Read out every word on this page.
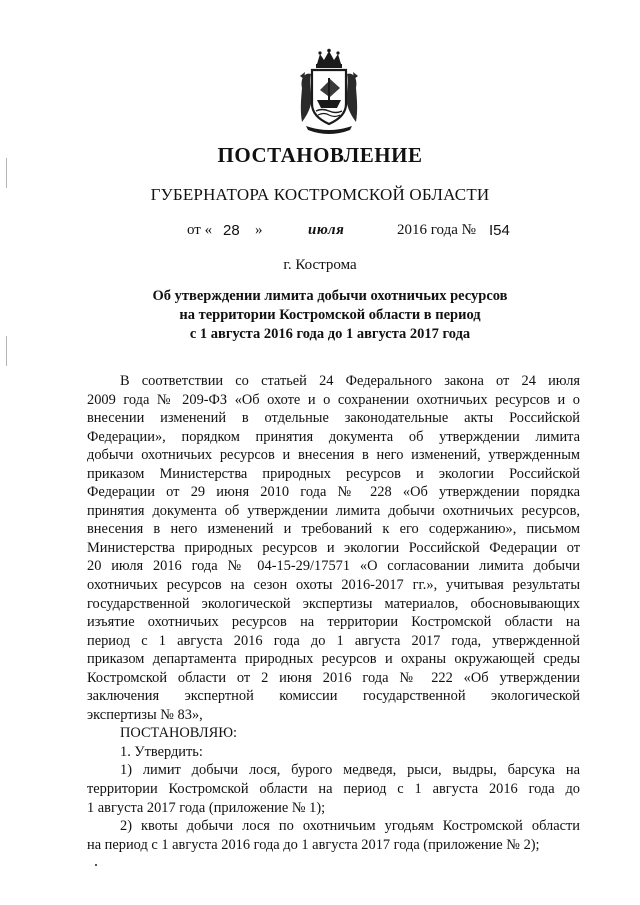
ПОСТАНОВЛЕНИЕ
ГУБЕРНАТОРА КОСТРОМСКОЙ ОБЛАСТИ
от « 28 »	июля	2016 года № I54
г. Кострома
Об утверждении лимита добычи охотничьих ресурсов
на территории Костромской области в период
с 1 августа 2016 года до 1 августа 2017 года
В соответствии со статьей 24 Федерального закона от 24 июля
2009 года № 209-ФЗ «Об охоте и о сохранении охотничьих ресурсов и о
внесении изменений в отдельные законодательные акты Российской
Федерации», порядком принятия документа об утверждении лимита
добычи охотничьих ресурсов и внесения в него изменений, утвержденным
приказом Министерства природных ресурсов и экологии Российской
Федерации от 29 июня 2010 года № 228 «Об утверждении порядка
принятия документа об утверждении лимита добычи охотничьих ресурсов,
внесения в него изменений и требований к его содержанию», письмом
Министерства природных ресурсов и экологии Российской Федерации от
20 июля 2016 года № 04-15-29/17571 «О согласовании лимита добычи
охотничьих ресурсов на сезон охоты 2016-2017 гг.», учитывая результаты
государственной экологической экспертизы материалов, обосновывающих
изъятие охотничьих ресурсов на территории Костромской области на
период с 1 августа 2016 года до 1 августа 2017 года, утвержденной
приказом департамента природных ресурсов и охраны окружающей среды
Костромской области от 2 июня 2016 года № 222 «Об утверждении
заключения экспертной комиссии государственной экологической
экспертизы № 83»,
ПОСТАНОВЛЯЮ:
1. Утвердить:
1) лимит добычи лося, бурого медведя, рыси, выдры, барсука на
территории Костромской области на период с 1 августа 2016 года до
1 августа 2017 года (приложение № 1);
2) квоты добычи лося по охотничьим угодьям Костромской области
на период с 1 августа 2016 года до 1 августа 2017 года (приложение № 2);
